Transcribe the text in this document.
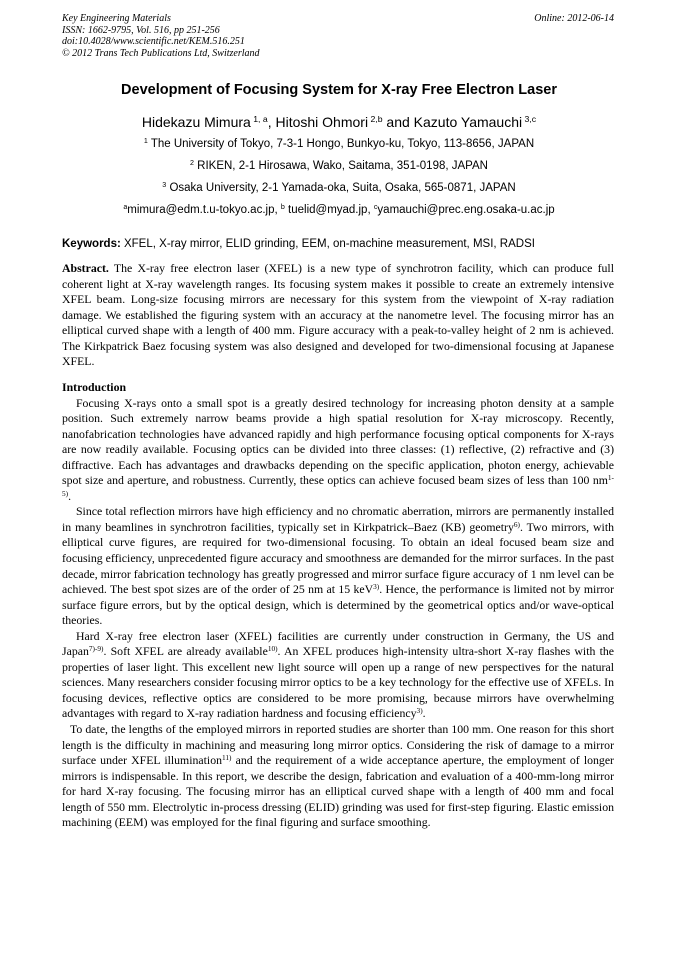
Key Engineering Materials
ISSN: 1662-9795, Vol. 516, pp 251-256
doi:10.4028/www.scientific.net/KEM.516.251
© 2012 Trans Tech Publications Ltd, Switzerland
Online: 2012-06-14
Development of Focusing System for X-ray Free Electron Laser
Hidekazu Mimura $^{1, a}$, Hitoshi Ohmori $^{2,b}$ and Kazuto Yamauchi $^{3,c}$
$^1$ The University of Tokyo, 7-3-1 Hongo, Bunkyo-ku, Tokyo, 113-8656, JAPAN
$^2$ RIKEN, 2-1 Hirosawa, Wako, Saitama, 351-0198, JAPAN
$^3$ Osaka University, 2-1 Yamada-oka, Suita, Osaka, 565-0871, JAPAN
$^a$mimura@edm.t.u-tokyo.ac.jp, $^b$ tuelid@myad.jp, $^c$yamauchi@prec.eng.osaka-u.ac.jp
Keywords: XFEL, X-ray mirror, ELID grinding, EEM, on-machine measurement, MSI, RADSI

Abstract. The X-ray free electron laser (XFEL) is a new type of synchrotron facility, which can produce full coherent light at X-ray wavelength ranges. Its focusing system makes it possible to create an extremely intensive XFEL beam. Long-size focusing mirrors are necessary for this system from the viewpoint of X-ray radiation damage. We established the figuring system with an accuracy at the nanometre level. The focusing mirror has an elliptical curved shape with a length of 400 mm. Figure accuracy with a peak-to-valley height of 2 nm is achieved. The Kirkpatrick Baez focusing system was also designed and developed for two-dimensional focusing at Japanese XFEL.

Introduction

Focusing X-rays onto a small spot is a greatly desired technology for increasing photon density at a sample position. Such extremely narrow beams provide a high spatial resolution for X-ray microscopy. Recently, nanofabrication technologies have advanced rapidly and high performance focusing optical components for X-rays are now readily available. Focusing optics can be divided into three classes: (1) reflective, (2) refractive and (3) diffractive. Each has advantages and drawbacks depending on the specific application, photon energy, achievable spot size and aperture, and robustness. Currently, these optics can achieve focused beam sizes of less than 100 $nm^{1-5)}$.

Since total reflection mirrors have high efficiency and no chromatic aberration, mirrors are permanently installed in many beamlines in synchrotron facilities, typically set in Kirkpatrick–Baez (KB) geometry$^{6)}$. Two mirrors, with elliptical curve figures, are required for two-dimensional focusing. To obtain an ideal focused beam size and focusing efficiency, unprecedented figure accuracy and smoothness are demanded for the mirror surfaces. In the past decade, mirror fabrication technology has greatly progressed and mirror surface figure accuracy of 1 nm level can be achieved. The best spot sizes are of the order of 25 nm at 15 keV$^{3)}$. Hence, the performance is limited not by mirror surface figure errors, but by the optical design, which is determined by the geometrical optics and/or wave-optical theories.

Hard X-ray free electron laser (XFEL) facilities are currently under construction in Germany, the US and Japan$^{7)-9)}$. Soft XFEL are already available$^{10)}$. An XFEL produces high-intensity ultra-short X-ray flashes with the properties of laser light. This excellent new light source will open up a range of new perspectives for the natural sciences. Many researchers consider focusing mirror optics to be a key technology for the effective use of XFELs. In focusing devices, reflective optics are considered to be more promising, because mirrors have overwhelming advantages with regard to X-ray radiation hardness and focusing efficiency$^{3)}$.

To date, the lengths of the employed mirrors in reported studies are shorter than 100 mm. One reason for this short length is the difficulty in machining and measuring long mirror optics. Considering the risk of damage to a mirror surface under XFEL illumination$^{11)}$ and the requirement of a wide acceptance aperture, the employment of longer mirrors is indispensable. In this report, we describe the design, fabrication and evaluation of a 400-mm-long mirror for hard X-ray focusing. The focusing mirror has an elliptical curved shape with a length of 400 mm and focal length of 550 mm. Electrolytic in-process dressing (ELID) grinding was used for first-step figuring. Elastic emission machining (EEM) was employed for the final figuring and surface smoothing.
